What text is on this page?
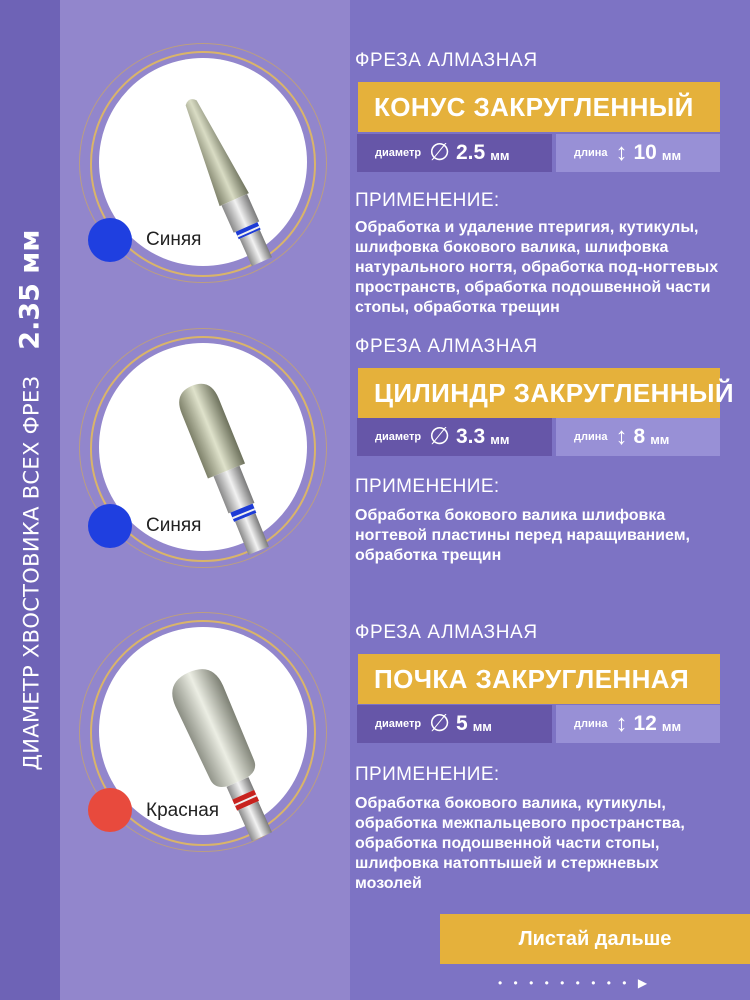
ДИАМЕТР ХВОСТОВИКА ВСЕХ ФРЕЗ2.35 мм	Синяя
Синяя
Красная
ФРЕЗА АЛМАЗНАЯ
КОНУС ЗАКРУГЛЕННЫЙ
диаметр ∅ 2.5 мм	длина ↕ 10 мм
ПРИМЕНЕНИЕ:
Обработка и удаление птеригия, кутикулы, шлифовка бокового валика, шлифовка натурального ногтя, обработка под-ногтевых пространств, обработка подошвенной части стопы, обработка трещин
ФРЕЗА АЛМАЗНАЯ
ЦИЛИНДР ЗАКРУГЛЕННЫЙ
диаметр ∅ 3.3 мм	длина ↕ 8 мм
ПРИМЕНЕНИЕ:
Обработка бокового валика шлифовка ногтевой пластины перед наращиванием, обработка трещин
ФРЕЗА АЛМАЗНАЯ
ПОЧКА ЗАКРУГЛЕННАЯ
диаметр ∅ 5 мм	длина ↕ 12 мм
ПРИМЕНЕНИЕ:
Обработка бокового валика, кутикулы, обработка межпальцевого пространства, обработка подошвенной части стопы, шлифовка натоптышей и стержневых мозолей
Листай дальше
• • • • • • • • • ▶
